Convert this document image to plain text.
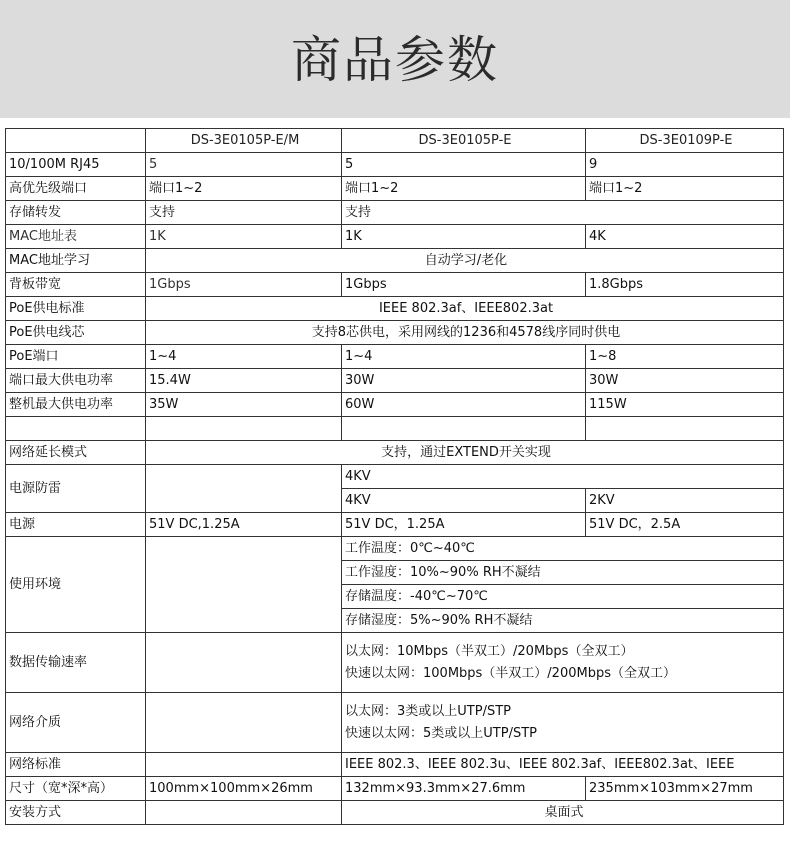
商品参数
	DS-3E0105P-E/M	DS-3E0105P-E	DS-3E0109P-E
10/100M RJ45	5	5	9
高优先级端口	端口1~2	端口1~2	端口1~2
存储转发	支持	支持	
MAC地址表	1K	1K	4K
MAC地址学习	自动学习/老化		
背板带宽	1Gbps	1Gbps	1.8Gbps
PoE供电标准	IEEE 802.3af、IEEE802.3at		
PoE供电线芯	支持8芯供电，采用网线的1236和4578线序同时供电		
PoE端口	1~4	1~4	1~8
端口最大供电功率	15.4W	30W	30W
整机最大供电功率	35W	60W	115W

网络延长模式	支持，通过EXTEND开关实现		
电源防雷		4KV	
		4KV	2KV
电源	51V DC,1.25A	51V DC，1.25A	51V DC，2.5A
使用环境		工作温度：0℃~40℃	
		工作湿度：10%~90% RH不凝结	
		存储温度：-40℃~70℃	
		存储湿度：5%~90% RH不凝结	
数据传输速率		以太网：10Mbps（半双工）/20Mbps（全双工）
快速以太网：100Mbps（半双工）/200Mbps（全双工）	

网络介质		以太网：3类或以上UTP/STP
快速以太网：5类或以上UTP/STP	

网络标准		IEEE 802.3、IEEE 802.3u、IEEE 802.3af、IEEE802.3at、IEEE	
尺寸（宽*深*高）	100mm×100mm×26mm	132mm×93.3mm×27.6mm	235mm×103mm×27mm
安装方式		桌面式	
